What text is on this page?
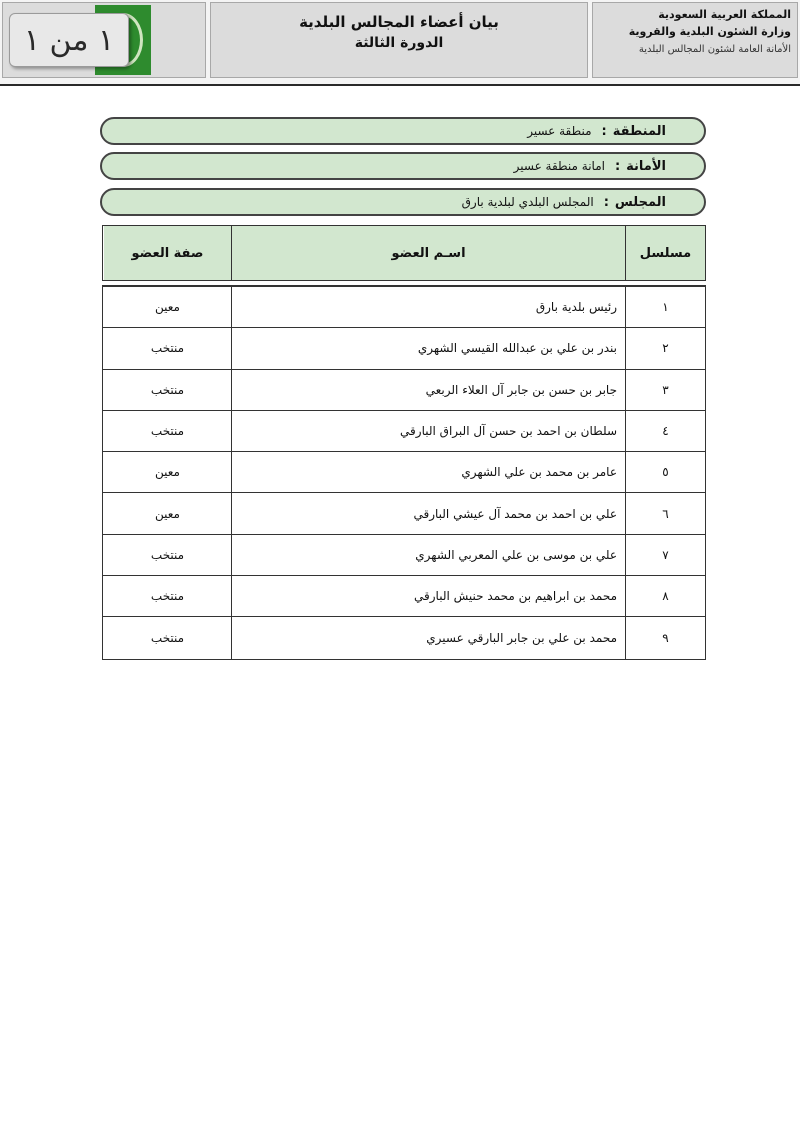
المملكة العربية السعودية
وزارة الشئون البلدية والقروية
الأمانة العامة لشئون المجالس البلدية
بيان أعضاء المجالس البلدية
الدورة الثالثة
١ من ١
المنطقة
:
منطقة عسير
الأمانة
:
امانة منطقة عسير
المجلس
:
المجلس البلدي لبلدية بارق
مسلسل
اسـم العضو
صفة العضو
١
رئيس بلدية بارق
معين
٢
بندر بن علي بن عبدالله القيسي الشهري
منتخب
٣
جابر بن حسن بن جابر آل العلاء الربعي
منتخب
٤
سلطان بن احمد بن حسن آل البراق البارقي
منتخب
٥
عامر بن محمد بن علي الشهري
معين
٦
علي بن احمد بن محمد آل عيشي البارقي
معين
٧
علي بن موسى بن علي المعربي الشهري
منتخب
٨
محمد بن ابراهيم بن محمد حنيش البارقي
منتخب
٩
محمد بن علي بن جابر البارقي عسيري
منتخب
